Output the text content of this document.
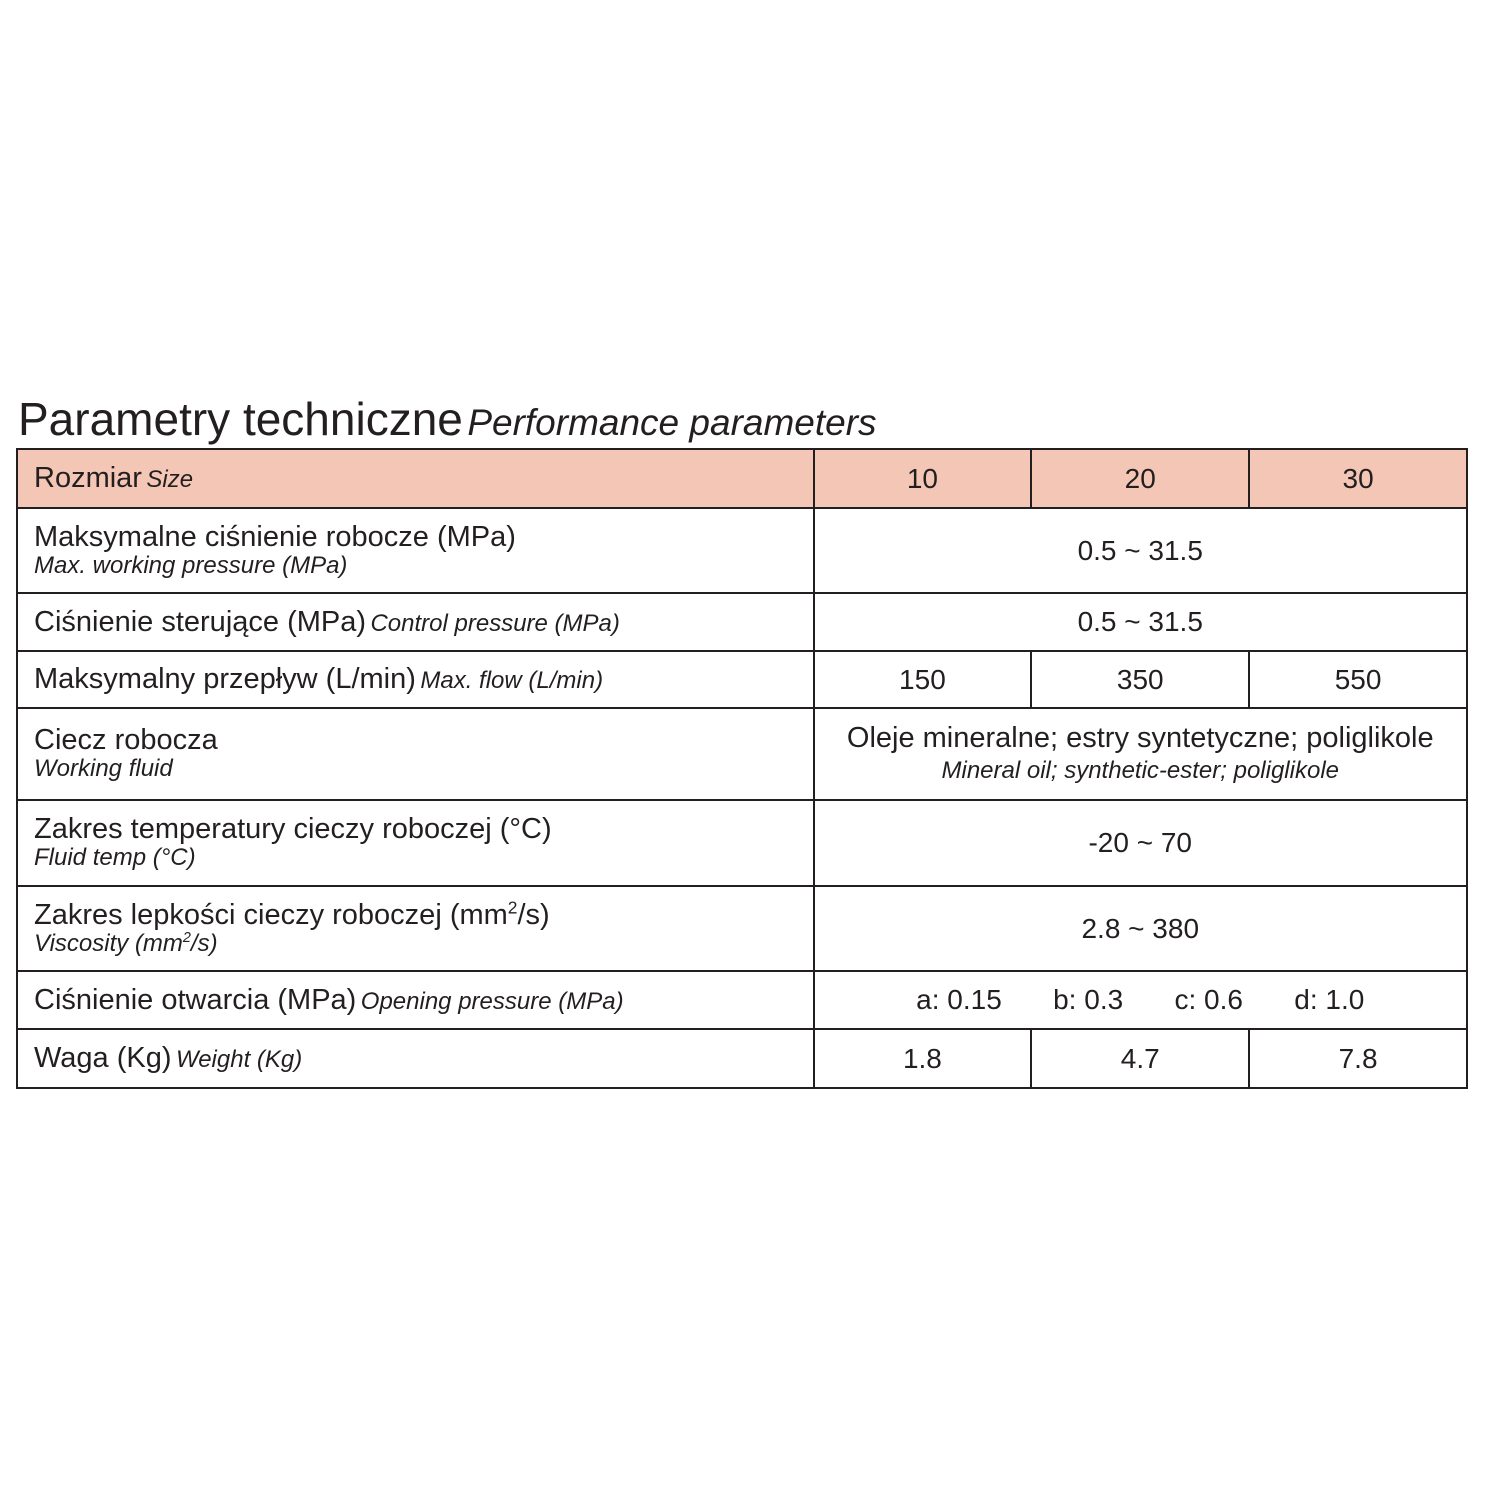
Parametry techniczne Performance parameters
Rozmiar Size	10	20	30

Maksymalne ciśnienie robocze (MPa)
Max. working pressure (MPa)	0.5 ~ 31.5		
Ciśnienie sterujące (MPa) Control pressure (MPa)	0.5 ~ 31.5		
Maksymalny przepływ (L/min) Max. flow (L/min)	150	350	550

Ciecz robocza
Working fluid	Oleje mineralne; estry syntetyczne; poliglikole
Mineral oil; synthetic-ester; poliglikole		

Zakres temperatury cieczy roboczej (°C)
Fluid temp (°C)	-20 ~ 70		

Zakres lepkości cieczy roboczej $(mm^2/s)$
Viscosity $(mm^2/s)$	2.8 ~ 380		
Ciśnienie otwarcia (MPa) Opening pressure (MPa)	a: 0.15 b: 0.3 c: 0.6 d: 1.0		

Waga (Kg) Weight (Kg)	1.8	4.7	7.8
